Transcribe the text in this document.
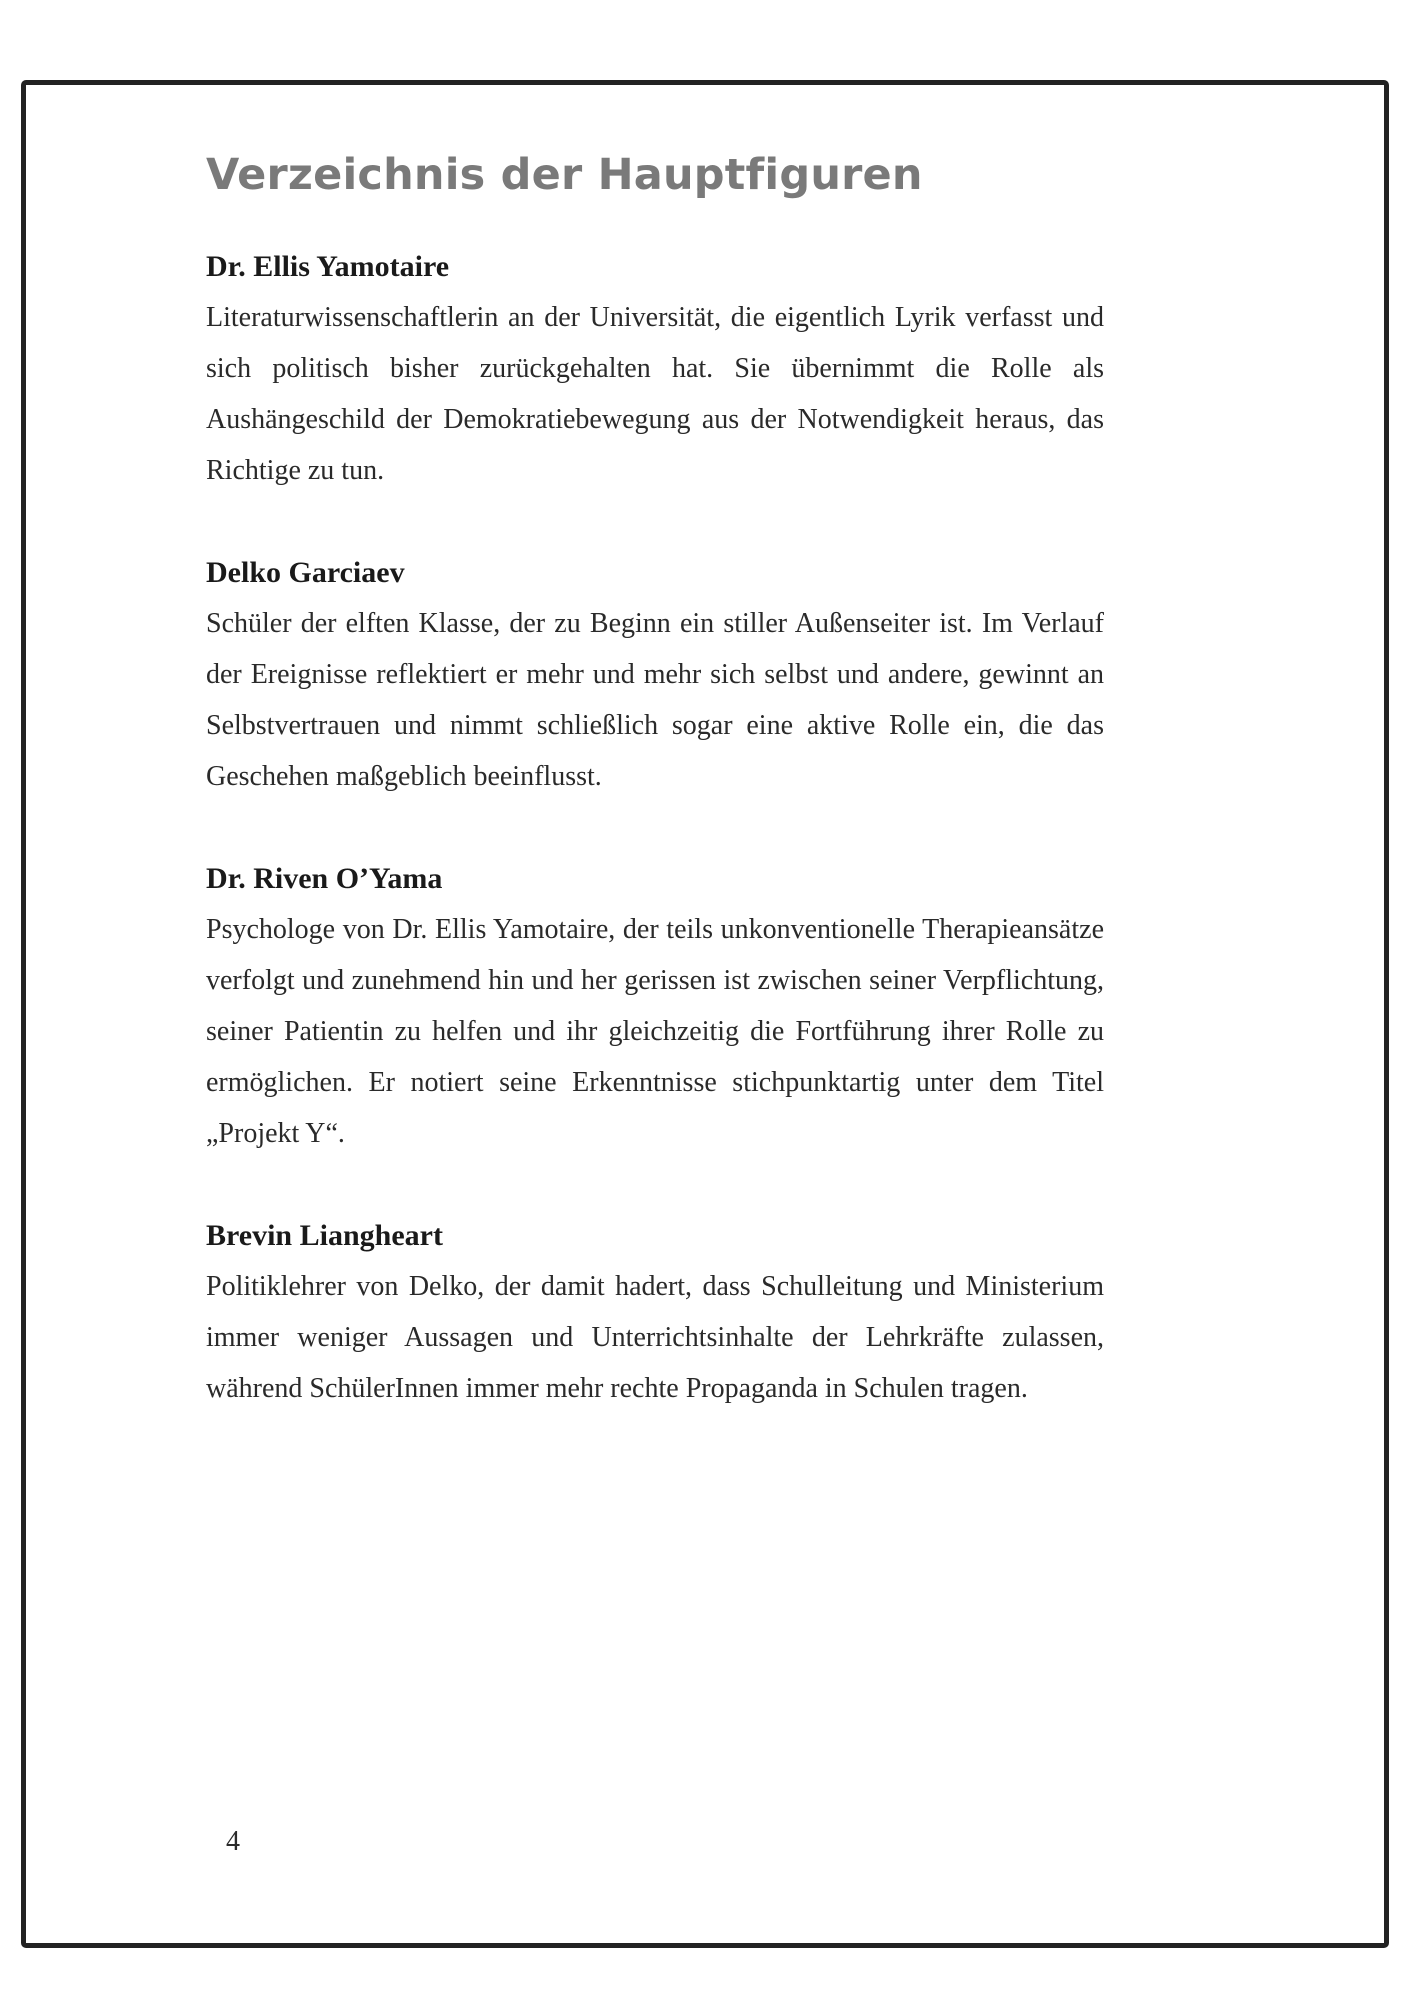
Verzeichnis der Hauptfiguren
Dr. Ellis Yamotaire

Literaturwissenschaftlerin an der Universität, die eigentlich Lyrik verfasst und sich politisch bisher zurückgehalten hat. Sie übernimmt die Rolle als Aushängeschild der Demokratiebewegung aus der Notwendigkeit heraus, das Richtige zu tun.

Delko Garciaev

Schüler der elften Klasse, der zu Beginn ein stiller Außenseiter ist. Im Verlauf der Ereignisse reflektiert er mehr und mehr sich selbst und andere, gewinnt an Selbstvertrauen und nimmt schließlich sogar eine aktive Rolle ein, die das Geschehen maßgeblich beeinflusst.

Dr. Riven O’Yama

Psychologe von Dr. Ellis Yamotaire, der teils unkonventionelle Therapieansätze verfolgt und zunehmend hin und her gerissen ist zwischen seiner Verpflichtung, seiner Patientin zu helfen und ihr gleichzeitig die Fortführung ihrer Rolle zu ermöglichen. Er notiert seine Erkenntnisse stichpunktartig unter dem Titel „Projekt Y“.

Brevin Liangheart

Politiklehrer von Delko, der damit hadert, dass Schulleitung und Ministerium immer weniger Aussagen und Unterrichtsinhalte der Lehrkräfte zulassen, während SchülerInnen immer mehr rechte Propaganda in Schulen tragen.

4
